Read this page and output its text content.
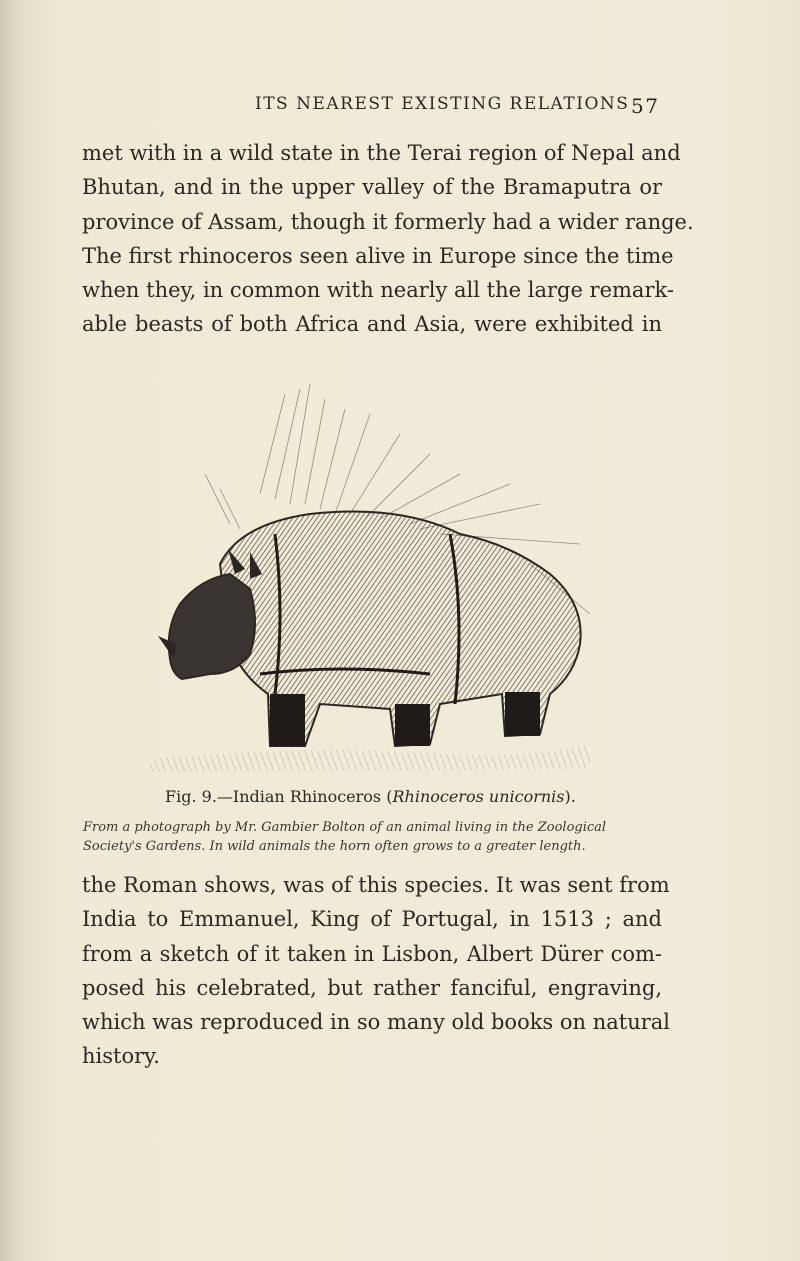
ITS NEAREST EXISTING RELATIONS 57
met with in a wild state in the Terai region of Nepal and
Bhutan, and in the upper valley of the Bramaputra or
province of Assam, though it formerly had a wider range.
The first rhinoceros seen alive in Europe since the time
when they, in common with nearly all the large remark-
able beasts of both Africa and Asia, were exhibited in
Fig. 9.—Indian Rhinoceros (Rhinoceros unicornis).
From a photograph by Mr. Gambier Bolton of an animal living in the Zoological
Society's Gardens. In wild animals the horn often grows to a greater length.
the Roman shows, was of this species. It was sent from
India to Emmanuel, King of Portugal, in 1513 ; and
from a sketch of it taken in Lisbon, Albert Dürer com-
posed his celebrated, but rather fanciful, engraving,
which was reproduced in so many old books on natural
history.
